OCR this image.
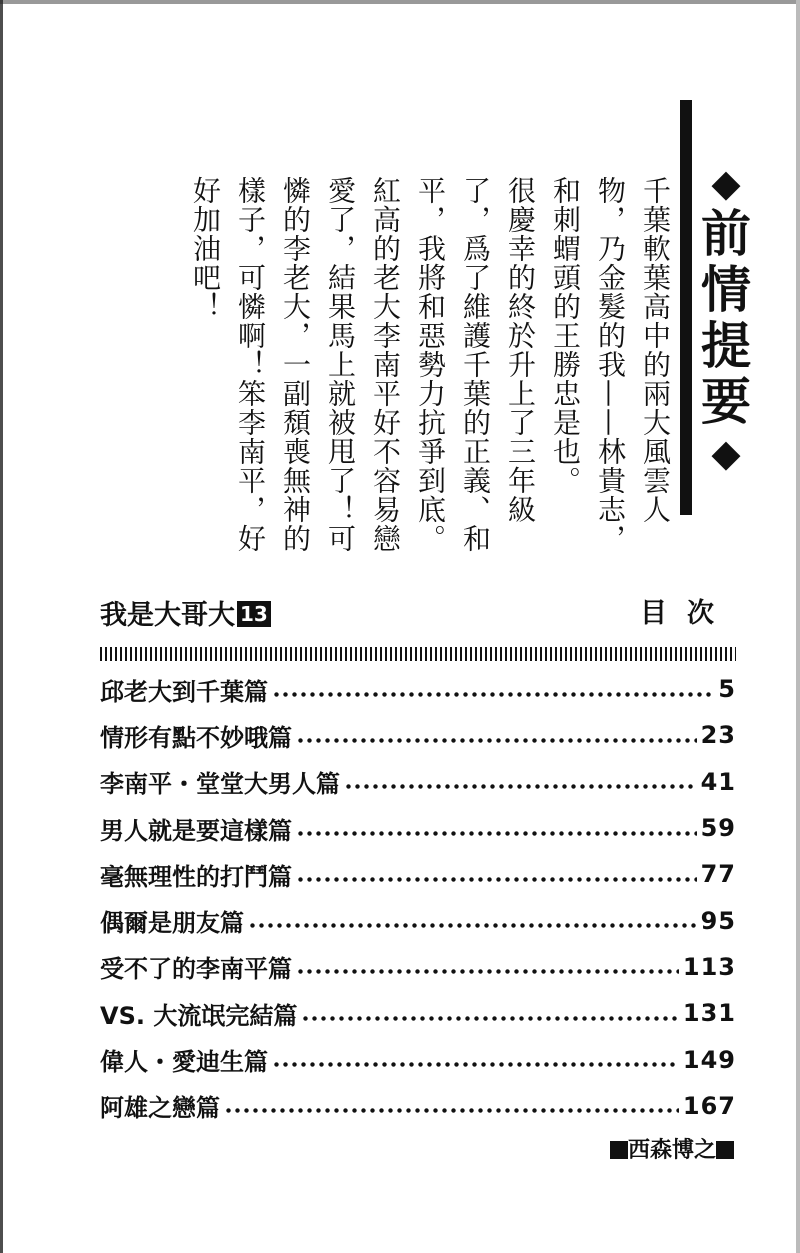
◆
前
情
提
要
◆

千葉軟葉高中的兩大風雲人物，乃金髮的我——林貴志，和刺蝟頭的王勝忠是也。

很慶幸的終於升上了三年級了，爲了維護千葉的正義、和平，我將和惡勢力抗爭到底。

紅高的老大李南平好不容易戀愛了，結果馬上就被甩了！可憐的李老大，一副頹喪無神的樣子，可憐啊！笨李南平，好好加油吧！

我是大哥大 13	目次
邱老大到千葉篇	5
情形有點不妙哦篇	23
李南平・堂堂大男人篇	41
男人就是要這樣篇	59
毫無理性的打鬥篇	77
偶爾是朋友篇	95
受不了的李南平篇	113
VS. 大流氓完結篇	131
偉人・愛迪生篇	149
阿雄之戀篇	167
西森博之
